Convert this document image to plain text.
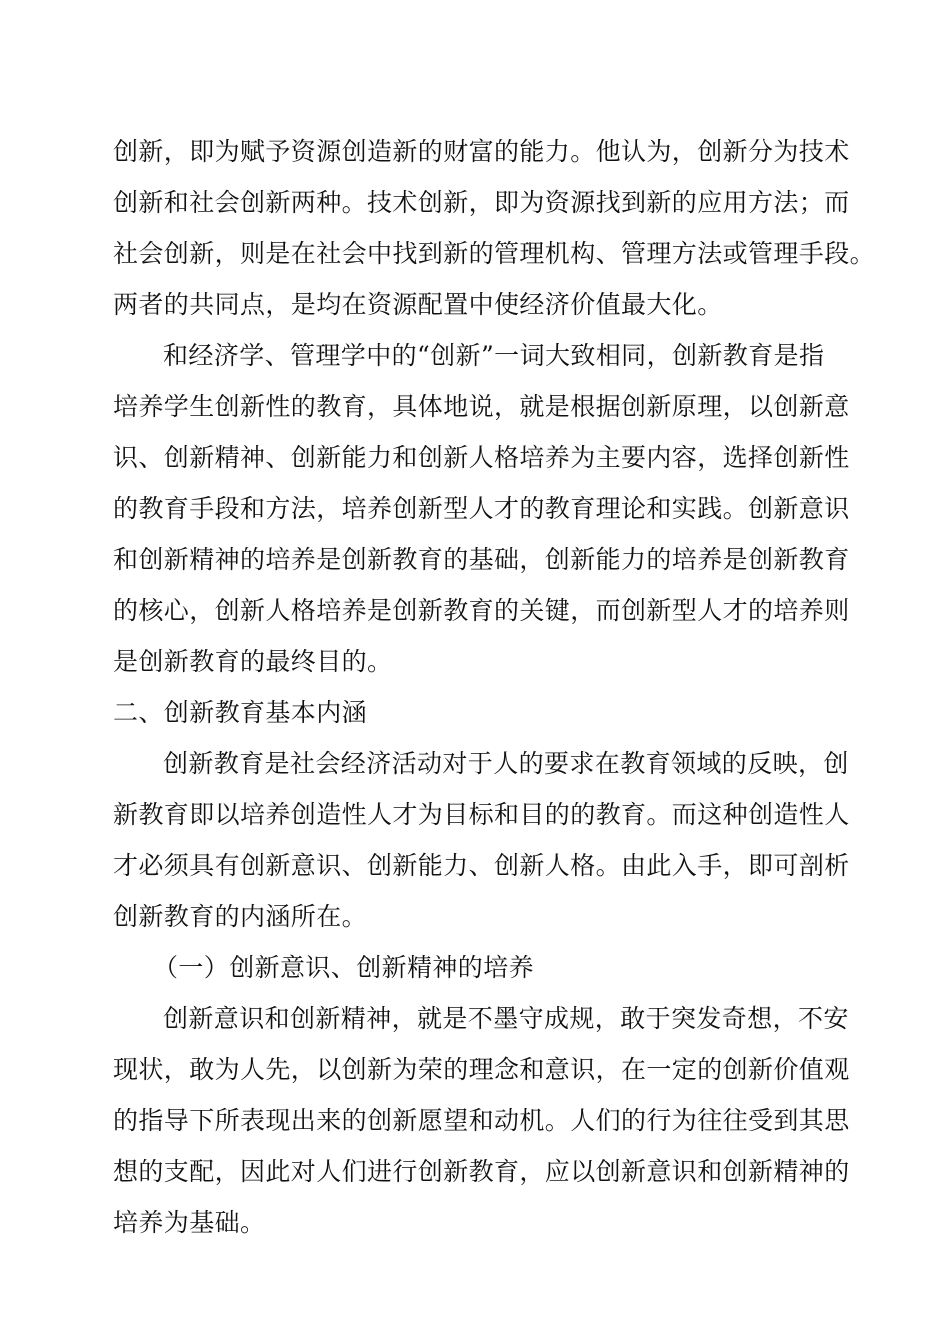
创新，即为赋予资源创造新的财富的能力。他认为，创新分为技术
创新和社会创新两种。技术创新，即为资源找到新的应用方法；而
社会创新，则是在社会中找到新的管理机构、管理方法或管理手段。
两者的共同点，是均在资源配置中使经济价值最大化。
和经济学、管理学中的“创新”一词大致相同，创新教育是指
培养学生创新性的教育，具体地说，就是根据创新原理，以创新意
识、创新精神、创新能力和创新人格培养为主要内容，选择创新性
的教育手段和方法，培养创新型人才的教育理论和实践。创新意识
和创新精神的培养是创新教育的基础，创新能力的培养是创新教育
的核心，创新人格培养是创新教育的关键，而创新型人才的培养则
是创新教育的最终目的。
二、创新教育基本内涵
创新教育是社会经济活动对于人的要求在教育领域的反映，创
新教育即以培养创造性人才为目标和目的的教育。而这种创造性人
才必须具有创新意识、创新能力、创新人格。由此入手，即可剖析
创新教育的内涵所在。
（一）创新意识、创新精神的培养
创新意识和创新精神，就是不墨守成规，敢于突发奇想，不安
现状，敢为人先，以创新为荣的理念和意识，在一定的创新价值观
的指导下所表现出来的创新愿望和动机。人们的行为往往受到其思
想的支配，因此对人们进行创新教育，应以创新意识和创新精神的
培养为基础。
